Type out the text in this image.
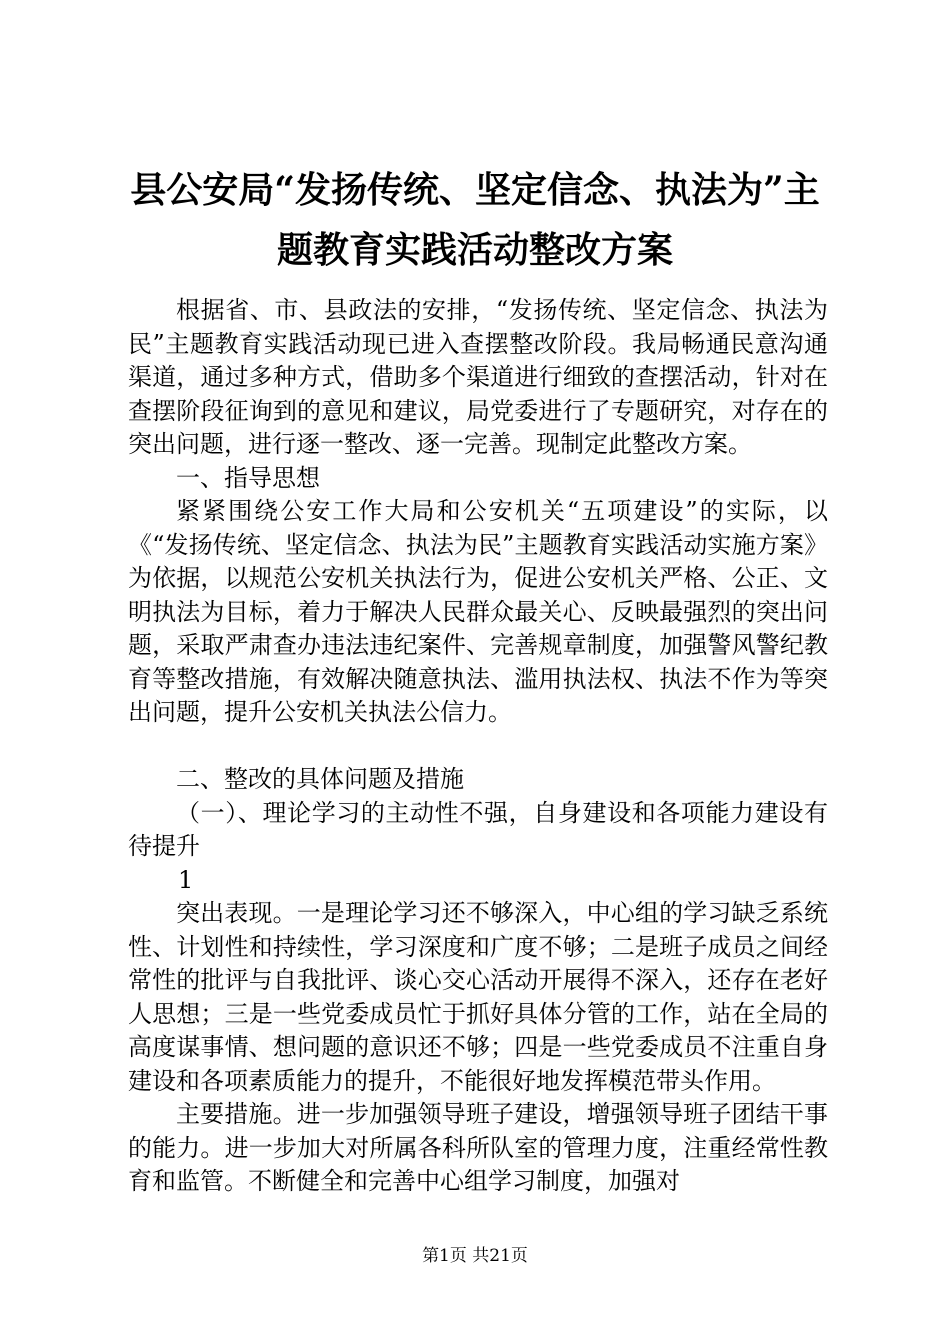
县公安局“发扬传统、坚定信念、执法为”主
题教育实践活动整改方案

根据省、市、县政法的安排，“发扬传统、坚定信念、执法为民”主题教育实践活动现已进入查摆整改阶段。我局畅通民意沟通渠道，通过多种方式，借助多个渠道进行细致的查摆活动，针对在查摆阶段征询到的意见和建议，局党委进行了专题研究，对存在的突出问题，进行逐一整改、逐一完善。现制定此整改方案。

一、指导思想

紧紧围绕公安工作大局和公安机关“五项建设”的实际，以《“发扬传统、坚定信念、执法为民”主题教育实践活动实施方案》为依据，以规范公安机关执法行为，促进公安机关严格、公正、文明执法为目标，着力于解决人民群众最关心、反映最强烈的突出问题，采取严肃查办违法违纪案件、完善规章制度，加强警风警纪教育等整改措施，有效解决随意执法、滥用执法权、执法不作为等突出问题，提升公安机关执法公信力。

二、整改的具体问题及措施

（一）、理论学习的主动性不强，自身建设和各项能力建设有待提升

1

突出表现。一是理论学习还不够深入，中心组的学习缺乏系统性、计划性和持续性，学习深度和广度不够；二是班子成员之间经常性的批评与自我批评、谈心交心活动开展得不深入，还存在老好人思想；三是一些党委成员忙于抓好具体分管的工作，站在全局的高度谋事情、想问题的意识还不够；四是一些党委成员不注重自身建设和各项素质能力的提升，不能很好地发挥模范带头作用。

主要措施。进一步加强领导班子建设，增强领导班子团结干事的能力。进一步加大对所属各科所队室的管理力度，注重经常性教育和监管。不断健全和完善中心组学习制度，加强对

第1页 共21页
